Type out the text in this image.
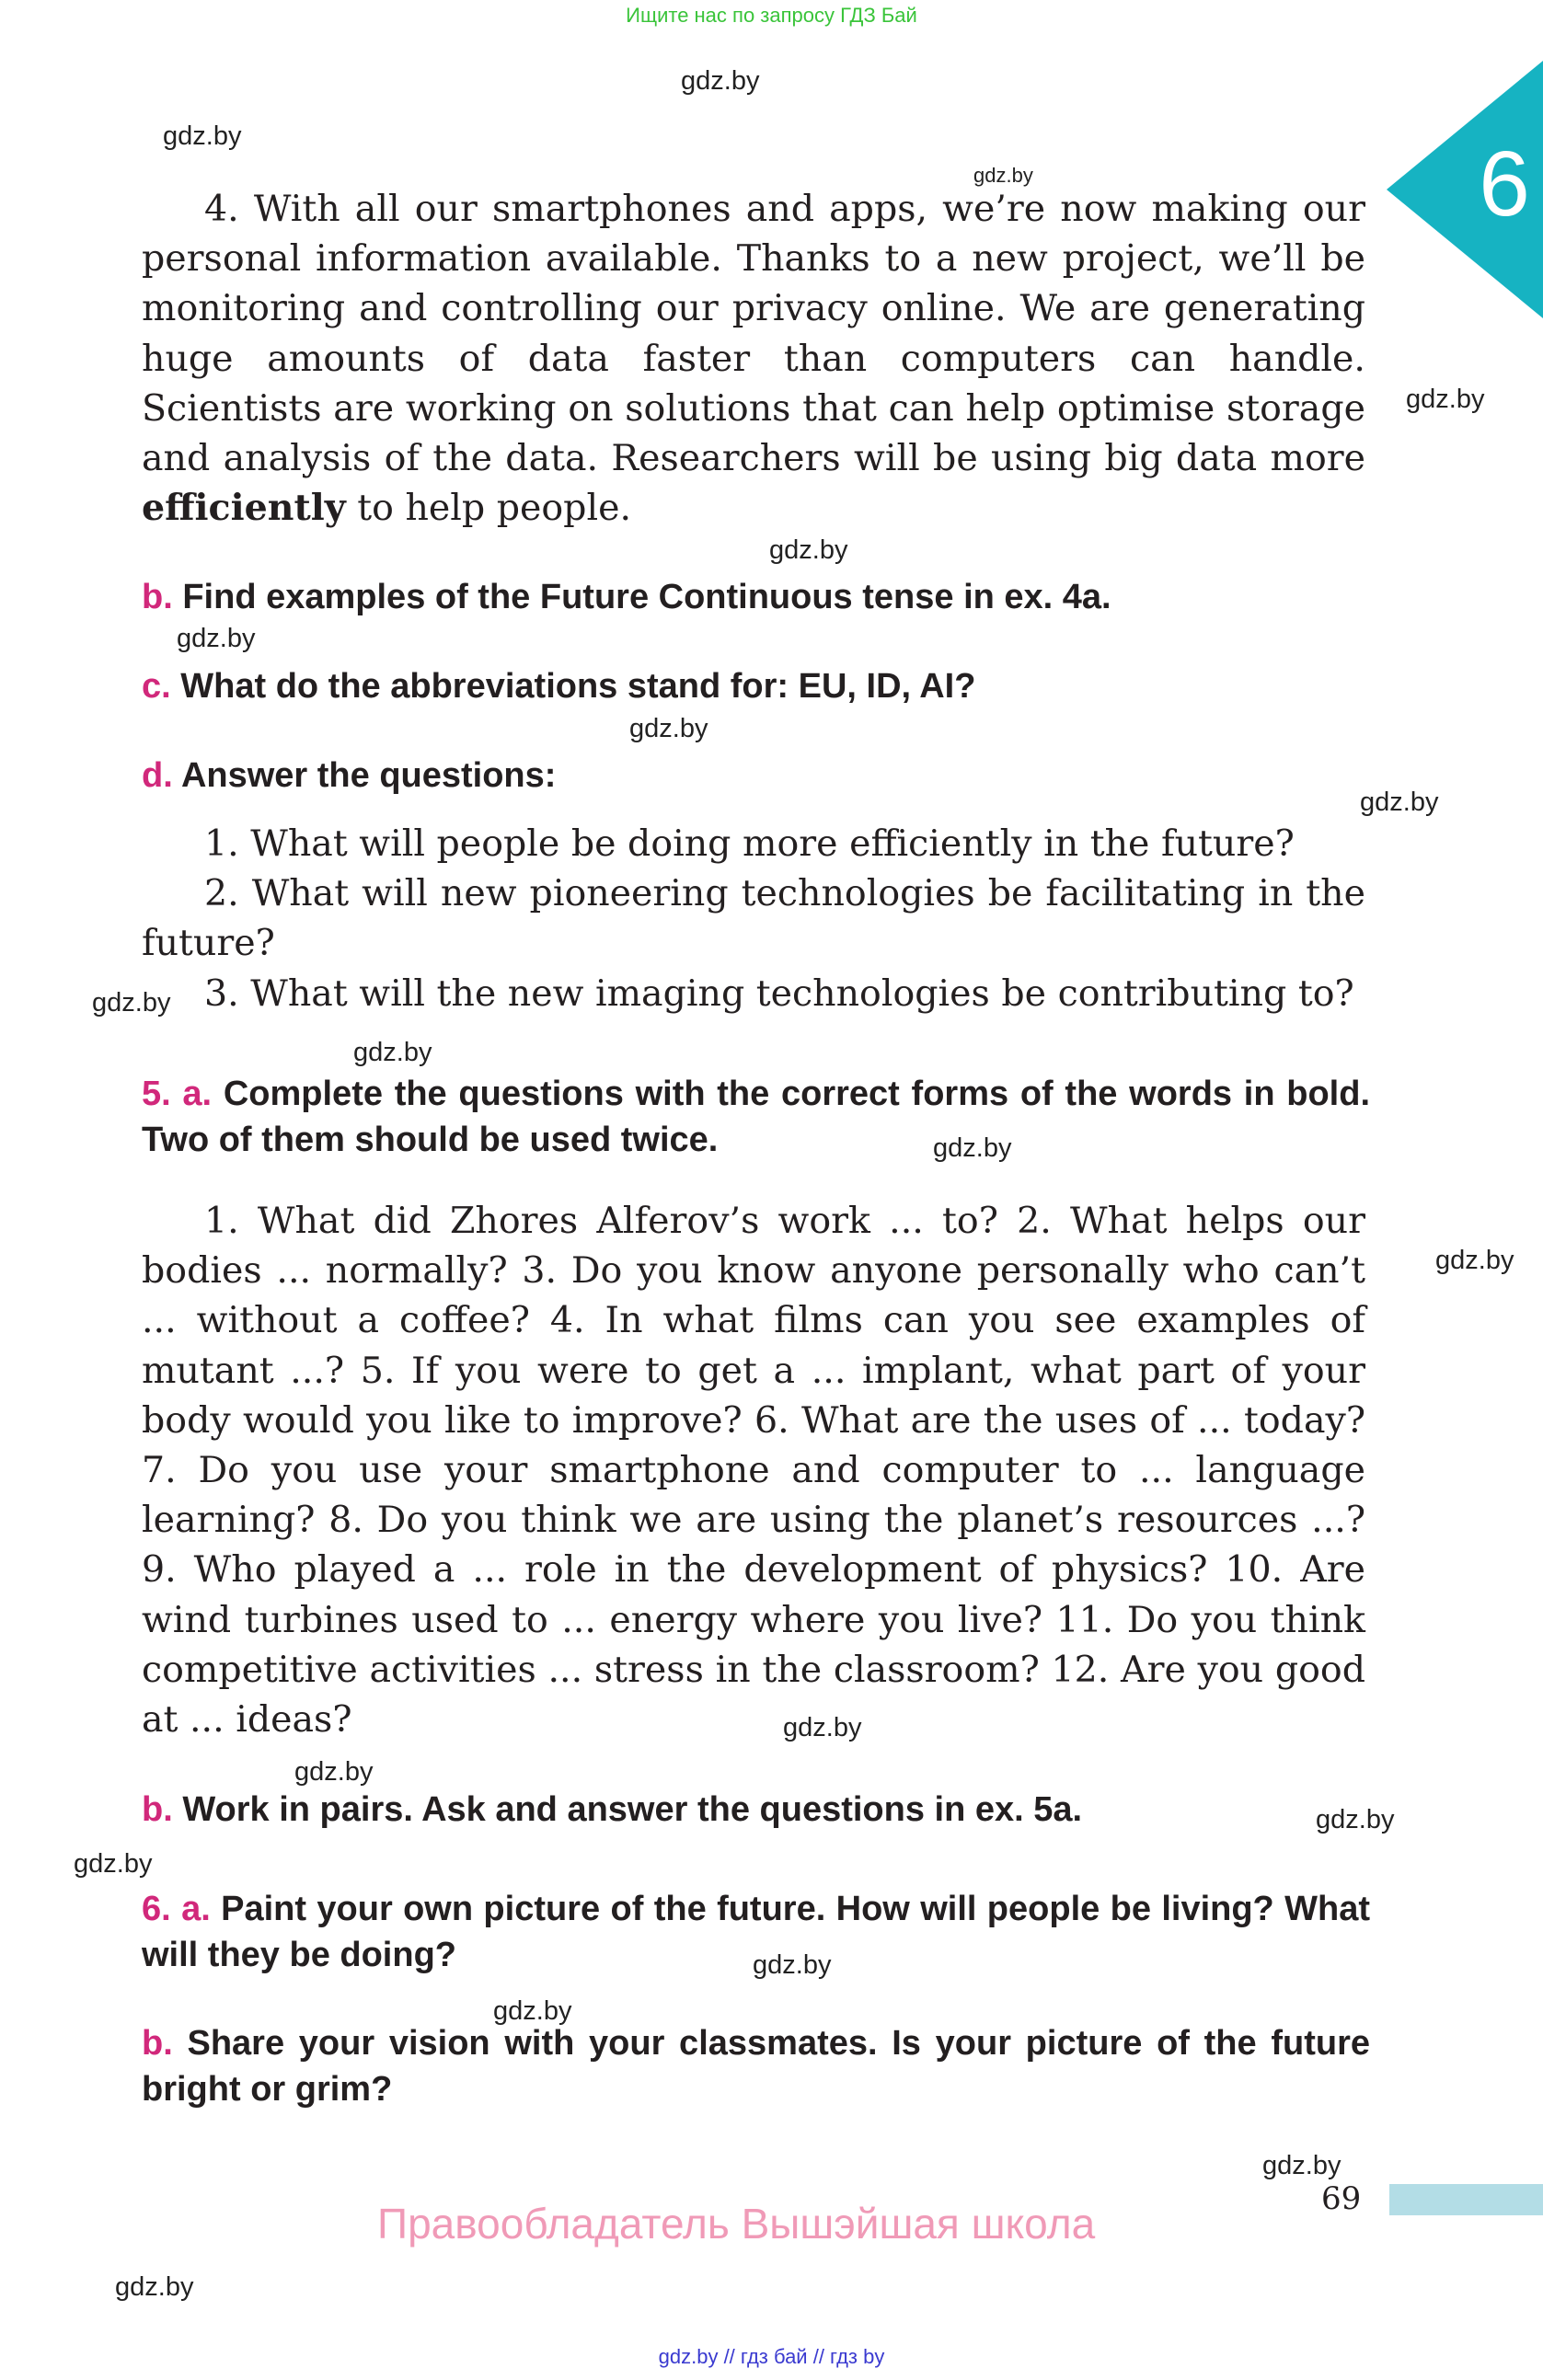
Ищите нас по запросу ГДЗ Бай
gdz.by
gdz.by
gdz.by
gdz.by
gdz.by
gdz.by
gdz.by
gdz.by
gdz.by
gdz.by
gdz.by
gdz.by
gdz.by
gdz.by
gdz.by
gdz.by
gdz.by
gdz.by
gdz.by
gdz.by
6

4. With all our smartphones and apps, we’re now making our personal information available. Thanks to a new project, we’ll be monitoring and controlling our privacy online. We are generating huge amounts of data faster than computers can handle. Scientists are working on solutions that can help optimise storage and analysis of the data. Researchers will be using big data more efficiently to help people.

b. Find examples of the Future Continuous tense in ex. 4a.
c. What do the abbreviations stand for: EU, ID, AI?
d. Answer the questions:

1. What will people be doing more efficiently in the future?

2. What will new pioneering technologies be facilitating in the future?

3. What will the new imaging technologies be contributing to?

5. a. Complete the questions with the correct forms of the words in bold. Two of them should be used twice.

1. What did Zhores Alferov’s work ... to? 2. What helps our bodies ... normally? 3. Do you know anyone personally who can’t ... without a coffee? 4. In what films can you see examples of mutant ...? 5. If you were to get a ... implant, what part of your body would you like to improve? 6. What are the uses of ... today? 7. Do you use your smartphone and computer to ... language learning? 8. Do you think we are using the planet’s resources ...? 9. Who played a ... role in the development of physics? 10. Are wind turbines used to ... energy where you live? 11. Do you think competitive activities ... stress in the classroom? 12. Are you good at ... ideas?

b. Work in pairs. Ask and answer the questions in ex. 5a.
6. a. Paint your own picture of the future. How will people be living? What will they be doing?
b. Share your vision with your classmates. Is your picture of the future bright or grim?
69
Правообладатель Вышэйшая школа
gdz.by // гдз бай // гдз by
